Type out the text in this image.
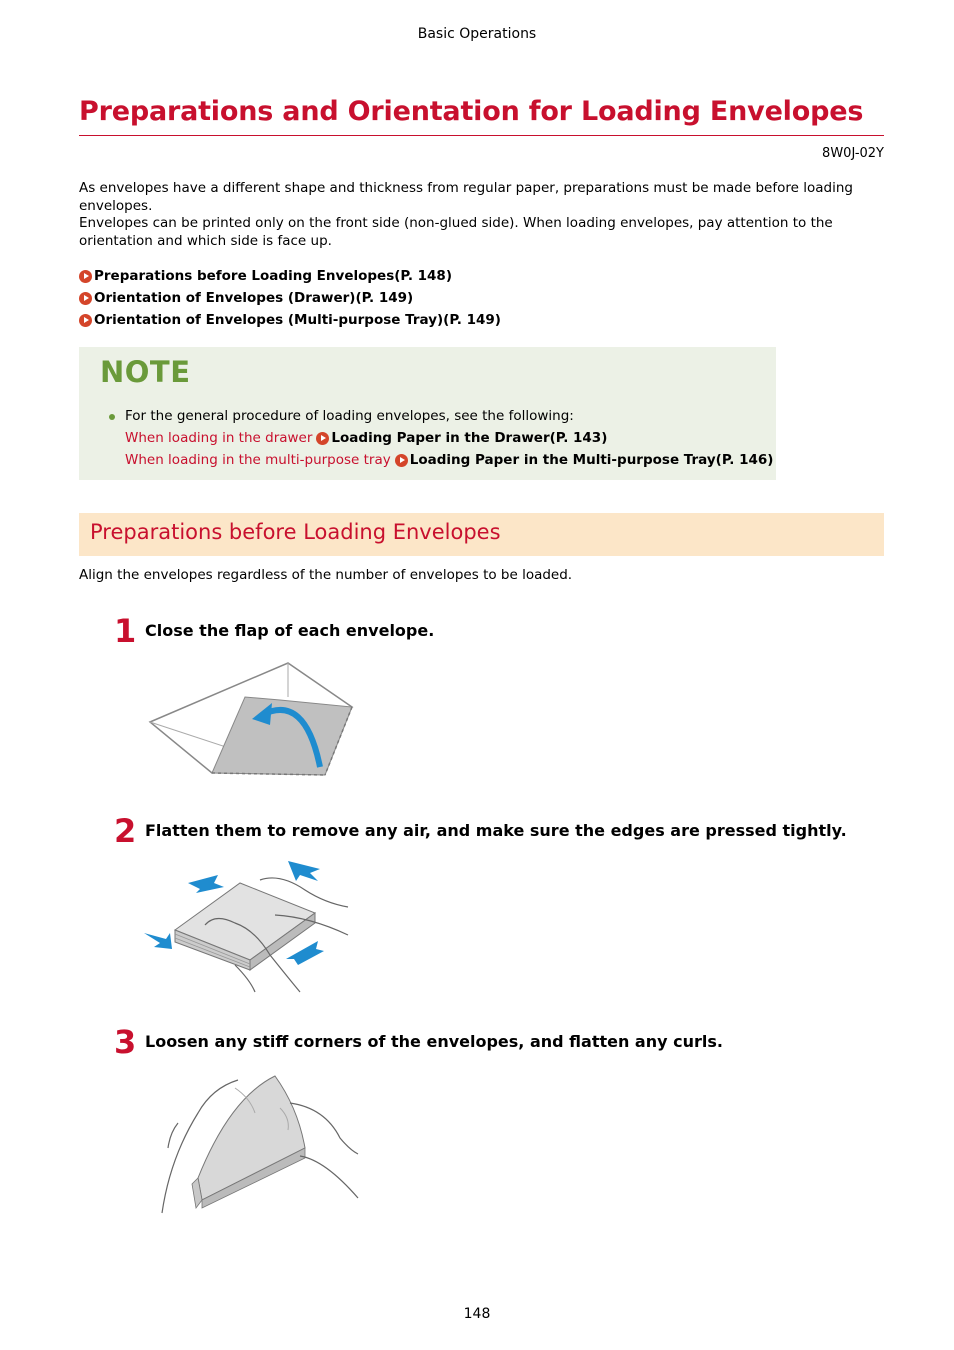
Basic Operations
Preparations and Orientation for Loading Envelopes
8W0J-02Y
As envelopes have a different shape and thickness from regular paper, preparations must be made before loading
envelopes.
Envelopes can be printed only on the front side (non-glued side). When loading envelopes, pay attention to the
orientation and which side is face up.
Preparations before Loading Envelopes(P. 148)
Orientation of Envelopes (Drawer)(P. 149)
Orientation of Envelopes (Multi-purpose Tray)(P. 149)
NOTE
For the general procedure of loading envelopes, see the following:
When loading in the drawer Loading Paper in the Drawer(P. 143)
When loading in the multi-purpose tray Loading Paper in the Multi-purpose Tray(P. 146)
Preparations before Loading Envelopes
Align the envelopes regardless of the number of envelopes to be loaded.
1 Close the flap of each envelope.
2 Flatten them to remove any air, and make sure the edges are pressed tightly.
3 Loosen any stiff corners of the envelopes, and flatten any curls.
148
